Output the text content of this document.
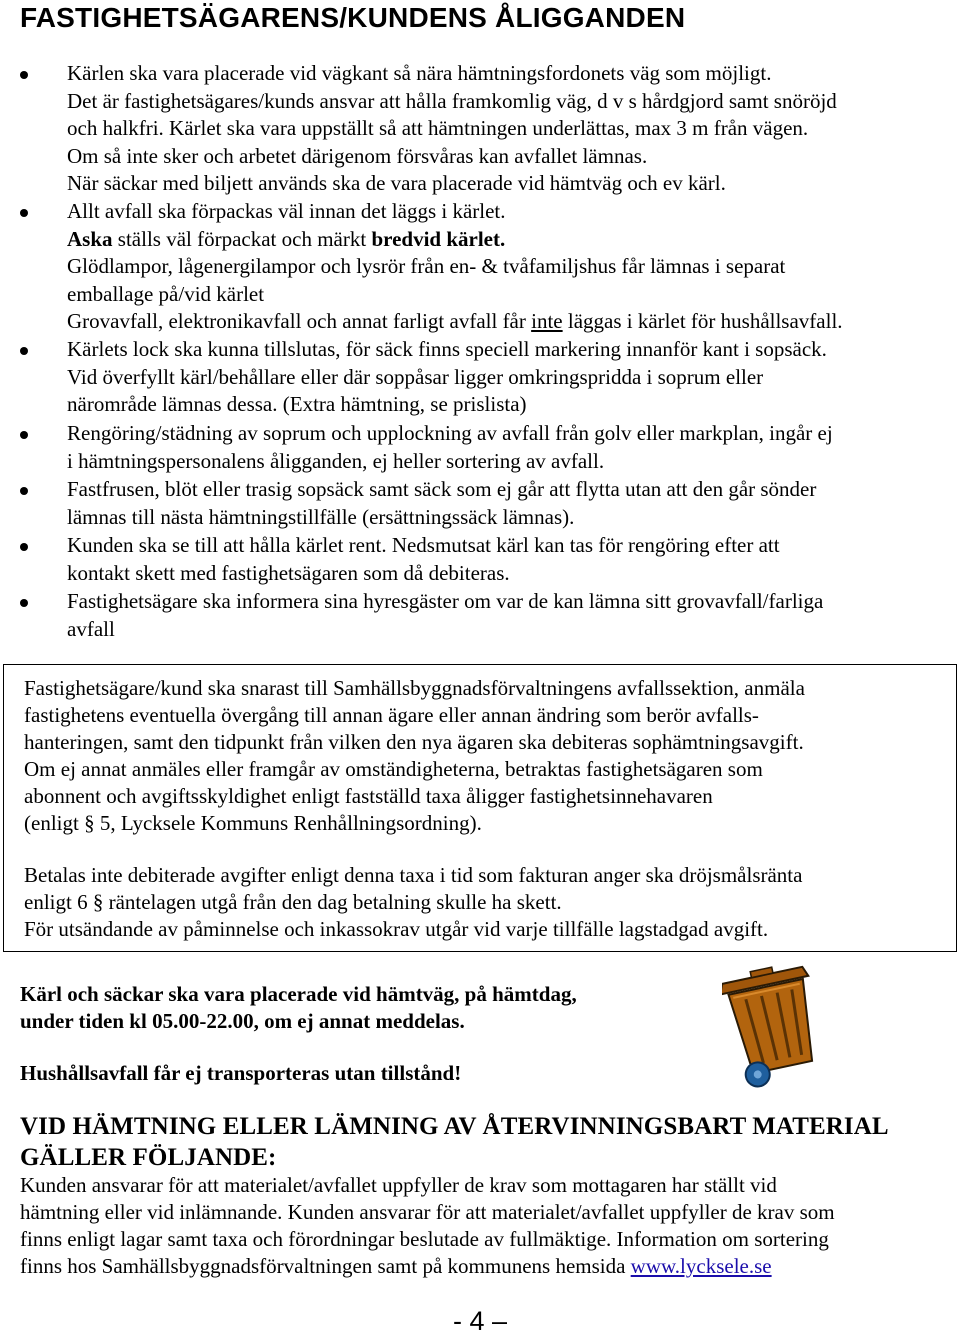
FASTIGHETSÄGARENS/KUNDENS ÅLIGGANDEN

Kärlen ska vara placerade vid vägkant så nära hämtningsfordonets väg som möjligt.

Det är fastighetsägares/kunds ansvar att hålla framkomlig väg, d v s hårdgjord samt snöröjd

och halkfri. Kärlet ska vara uppställt så att hämtningen underlättas, max 3 m från vägen.

Om så inte sker och arbetet därigenom försvåras kan avfallet lämnas.

När säckar med biljett används ska de vara placerade vid hämtväg och ev kärl.

Allt avfall ska förpackas väl innan det läggs i kärlet.

Aska ställs väl förpackat och märkt bredvid kärlet.

Glödlampor, lågenergilampor och lysrör från en- & tvåfamiljshus får lämnas i separat

emballage på/vid kärlet

Grovavfall, elektronikavfall och annat farligt avfall får inte läggas i kärlet för hushållsavfall.

Kärlets lock ska kunna tillslutas, för säck finns speciell markering innanför kant i sopsäck.

Vid överfyllt kärl/behållare eller där soppåsar ligger omkringspridda i soprum eller

närområde lämnas dessa. (Extra hämtning, se prislista)

Rengöring/städning av soprum och upplockning av avfall från golv eller markplan, ingår ej

i hämtningspersonalens åligganden, ej heller sortering av avfall.

Fastfrusen, blöt eller trasig sopsäck samt säck som ej går att flytta utan att den går sönder

lämnas till nästa hämtningstillfälle (ersättningssäck lämnas).

Kunden ska se till att hålla kärlet rent. Nedsmutsat kärl kan tas för rengöring efter att

kontakt skett med fastighetsägaren som då debiteras.

Fastighetsägare ska informera sina hyresgäster om var de kan lämna sitt grovavfall/farliga

avfall

Fastighetsägare/kund ska snarast till Samhällsbyggnadsförvaltningens avfallssektion, anmäla

fastighetens eventuella övergång till annan ägare eller annan ändring som berör avfalls-

hanteringen, samt den tidpunkt från vilken den nya ägaren ska debiteras sophämtningsavgift.

Om ej annat anmäles eller framgår av omständigheterna, betraktas fastighetsägaren som

abonnent och avgiftsskyldighet enligt fastställd taxa åligger fastighetsinnehavaren

(enligt § 5, Lycksele Kommuns Renhållningsordning).

Betalas inte debiterade avgifter enligt denna taxa i tid som fakturan anger ska dröjsmålsränta

enligt 6 § räntelagen utgå från den dag betalning skulle ha skett.

För utsändande av påminnelse och inkassokrav utgår vid varje tillfälle lagstadgad avgift.

Kärl och säckar ska vara placerade vid hämtväg, på hämtdag,

under tiden kl 05.00-22.00, om ej annat meddelas.

Hushållsavfall får ej transporteras utan tillstånd!

VID HÄMTNING ELLER LÄMNING AV ÅTERVINNINGSBART MATERIAL

GÄLLER FÖLJANDE:

Kunden ansvarar för att materialet/avfallet uppfyller de krav som mottagaren har ställt vid

hämtning eller vid inlämnande. Kunden ansvarar för att materialet/avfallet uppfyller de krav som

finns enligt lagar samt taxa och förordningar beslutade av fullmäktige. Information om sortering

finns hos Samhällsbyggnadsförvaltningen samt på kommunens hemsida www.lycksele.se

- 4 –
